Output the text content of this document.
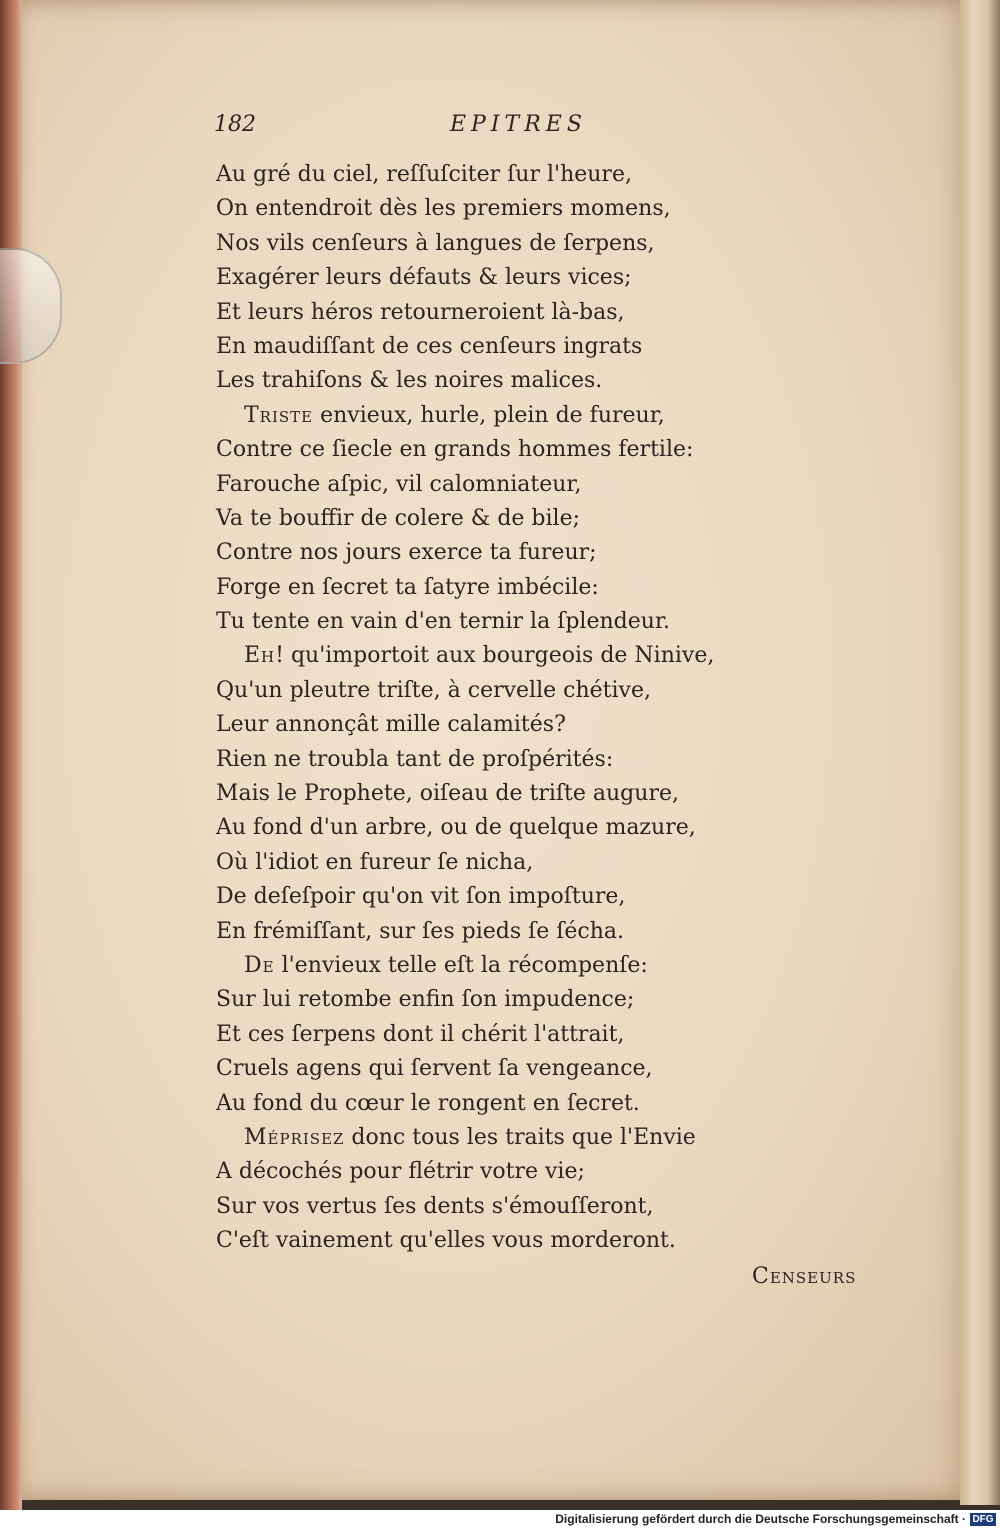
182	EPITRES
Au gré du ciel, reſſuſciter ſur l'heure,
On entendroit dès les premiers momens,
Nos vils cenſeurs à langues de ſerpens,
Exagérer leurs défauts & leurs vices;
Et leurs héros retourneroient là-bas,
En maudiſſant de ces cenſeurs ingrats
Les trahiſons & les noires malices.
Triste envieux, hurle, plein de fureur,
Contre ce ſiecle en grands hommes fertile:
Farouche aſpic, vil calomniateur,
Va te bouffir de colere & de bile;
Contre nos jours exerce ta fureur;
Forge en ſecret ta ſatyre imbécile:
Tu tente en vain d'en ternir la ſplendeur.
Eh! qu'importoit aux bourgeois de Ninive,
Qu'un pleutre triſte, à cervelle chétive,
Leur annonçât mille calamités?
Rien ne troubla tant de proſpérités:
Mais le Prophete, oiſeau de triſte augure,
Au fond d'un arbre, ou de quelque mazure,
Où l'idiot en fureur ſe nicha,
De deſeſpoir qu'on vit ſon impoſture,
En frémiſſant, sur ſes pieds ſe ſécha.
De l'envieux telle eſt la récompenſe:
Sur lui retombe enfin ſon impudence;
Et ces ſerpens dont il chérit l'attrait,
Cruels agens qui ſervent ſa vengeance,
Au fond du cœur le rongent en ſecret.
Méprisez donc tous les traits que l'Envie
A décochés pour flétrir votre vie;
Sur vos vertus ſes dents s'émouſſeront,
C'eſt vainement qu'elles vous morderont.
Censeurs
Digitalisierung gefördert durch die Deutsche Forschungsgemeinschaft · DFG
